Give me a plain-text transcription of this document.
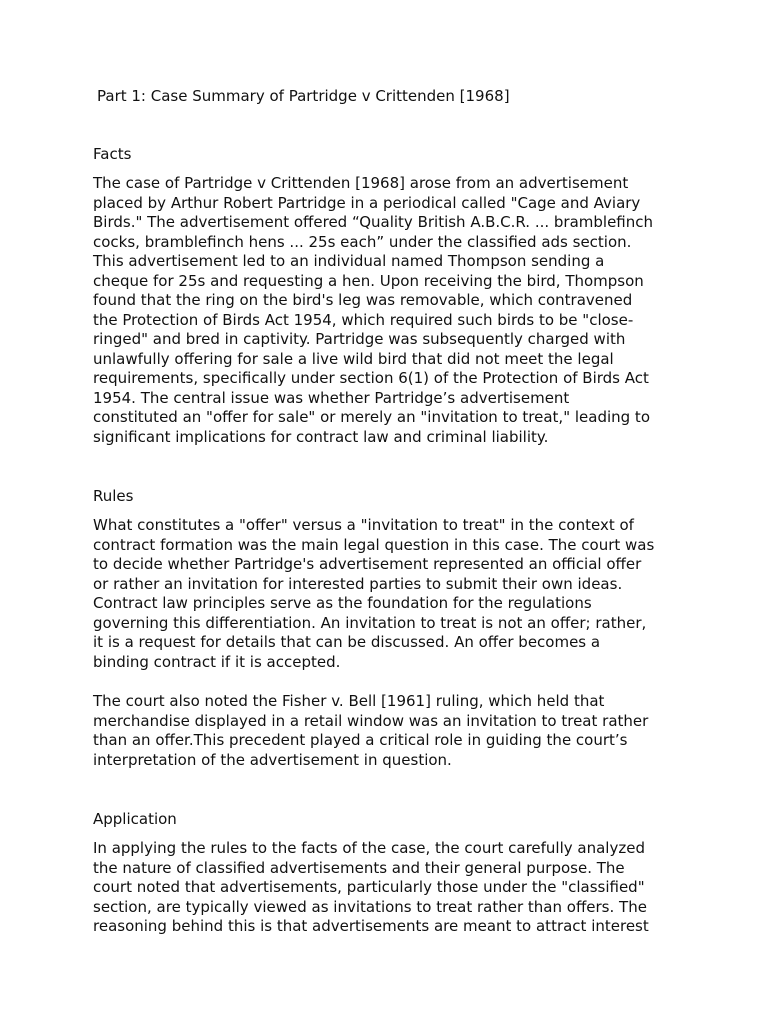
Part 1: Case Summary of Partridge v Crittenden [1968]
Facts
The case of Partridge v Crittenden [1968] arose from an advertisement
placed by Arthur Robert Partridge in a periodical called "Cage and Aviary
Birds." The advertisement offered “Quality British A.B.C.R. ... bramblefinch
cocks, bramblefinch hens ... 25s each” under the classified ads section.
This advertisement led to an individual named Thompson sending a
cheque for 25s and requesting a hen. Upon receiving the bird, Thompson
found that the ring on the bird's leg was removable, which contravened
the Protection of Birds Act 1954, which required such birds to be "close-
ringed" and bred in captivity. Partridge was subsequently charged with
unlawfully offering for sale a live wild bird that did not meet the legal
requirements, specifically under section 6(1) of the Protection of Birds Act
1954. The central issue was whether Partridge’s advertisement
constituted an "offer for sale" or merely an "invitation to treat," leading to
significant implications for contract law and criminal liability.
Rules
What constitutes a "offer" versus a "invitation to treat" in the context of
contract formation was the main legal question in this case. The court was
to decide whether Partridge's advertisement represented an official offer
or rather an invitation for interested parties to submit their own ideas.
Contract law principles serve as the foundation for the regulations
governing this differentiation. An invitation to treat is not an offer; rather,
it is a request for details that can be discussed. An offer becomes a
binding contract if it is accepted.
The court also noted the Fisher v. Bell [1961] ruling, which held that
merchandise displayed in a retail window was an invitation to treat rather
than an offer.This precedent played a critical role in guiding the court’s
interpretation of the advertisement in question.
Application
In applying the rules to the facts of the case, the court carefully analyzed
the nature of classified advertisements and their general purpose. The
court noted that advertisements, particularly those under the "classified"
section, are typically viewed as invitations to treat rather than offers. The
reasoning behind this is that advertisements are meant to attract interest
